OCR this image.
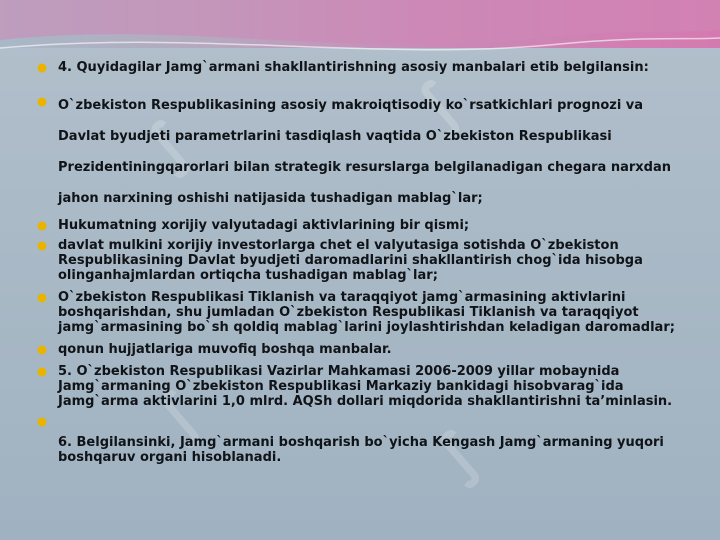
∫
∫
∫
∫
4. Quyidagilar Jamg`armani shakllantirishning asosiy manbalari etib belgilansin:
O`zbekiston Respublikasining asosiy makroiqtisodiy ko`rsatkichlari prognozi va Davlat byudjeti parametrlarini tasdiqlash vaqtida O`zbekiston Respublikasi Prezidentiningqarorlari bilan strategik resurslarga belgilanadigan chegara narxdan jahon narxining oshishi natijasida tushadigan mablag`lar;
Hukumatning xorijiy valyutadagi aktivlarining bir qismi;
davlat mulkini xorijiy investorlarga chet el valyutasiga sotishda O`zbekiston Respublikasining Davlat byudjeti daromadlarini shakllantirish chog`ida hisobga olinganhajmlardan ortiqcha tushadigan mablag`lar;
O`zbekiston Respublikasi Tiklanish va taraqqiyot jamg`armasining aktivlarini boshqarishdan, shu jumladan O`zbekiston Respublikasi Tiklanish va taraqqiyot jamg`armasining bo`sh qoldiq mablag`larini joylashtirishdan keladigan daromadlar;
qonun hujjatlariga muvofiq boshqa manbalar.
5. O`zbekiston Respublikasi Vazirlar Mahkamasi 2006-2009 yillar mobaynida Jamg`armaning O`zbekiston Respublikasi Markaziy bankidagi hisobvarag`ida Jamg`arma aktivlarini 1,0 mlrd. AQSh dollari miqdorida shakllantirishni ta’minlasin.
6. Belgilansinki, Jamg`armani boshqarish bo`yicha Kengash Jamg`armaning yuqori boshqaruv organi hisoblanadi.
